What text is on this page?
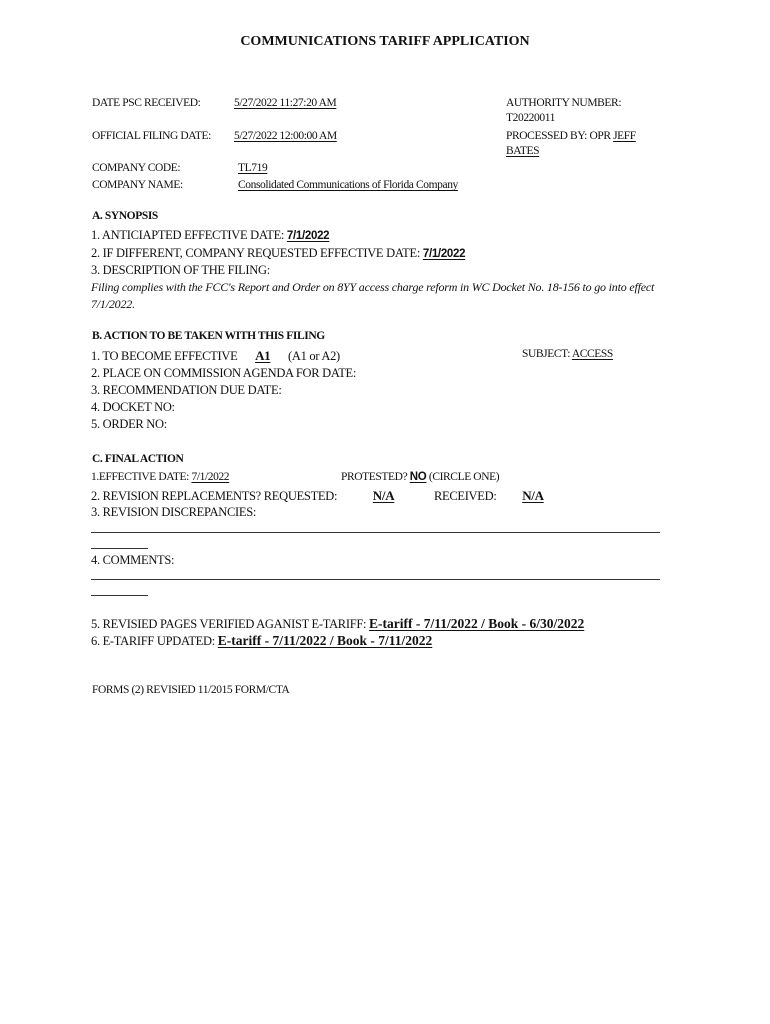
COMMUNICATIONS TARIFF APPLICATION
DATE PSC RECEIVED:	5/27/2022 11:27:20 AM	AUTHORITY NUMBER:
T20220011
OFFICIAL FILING DATE: 5/27/2022 12:00:00 AM	PROCESSED BY: OPR JEFF
BATES
COMPANY CODE:	TL719
COMPANY NAME:	Consolidated Communications of Florida Company
A. SYNOPSIS
1. ANTICIAPTED EFFECTIVE DATE: 7/1/2022
2. IF DIFFERENT, COMPANY REQUESTED EFFECTIVE DATE: 7/1/2022
3. DESCRIPTION OF THE FILING:
Filing complies with the FCC's Report and Order on 8YY access charge reform in WC Docket No. 18-156 to go into effect 7/1/2022.
B. ACTION TO BE TAKEN WITH THIS FILING
1. TO BECOME EFFECTIVE A1 (A1 or A2)	SUBJECT: ACCESS
2. PLACE ON COMMISSION AGENDA FOR DATE:
3. RECOMMENDATION DUE DATE:
4. DOCKET NO:
5. ORDER NO:
C. FINAL ACTION
1.EFFECTIVE DATE: 7/1/2022	PROTESTED? NO (CIRCLE ONE)
2. REVISION REPLACEMENTS? REQUESTED:	N/A	RECEIVED: N/A
3. REVISION DISCREPANCIES:
4. COMMENTS:
5. REVISIED PAGES VERIFIED AGANIST E-TARIFF: E-tariff - 7/11/2022 / Book - 6/30/2022
6. E-TARIFF UPDATED: E-tariff - 7/11/2022 / Book - 7/11/2022
FORMS (2) REVISIED 11/2015 FORM/CTA
